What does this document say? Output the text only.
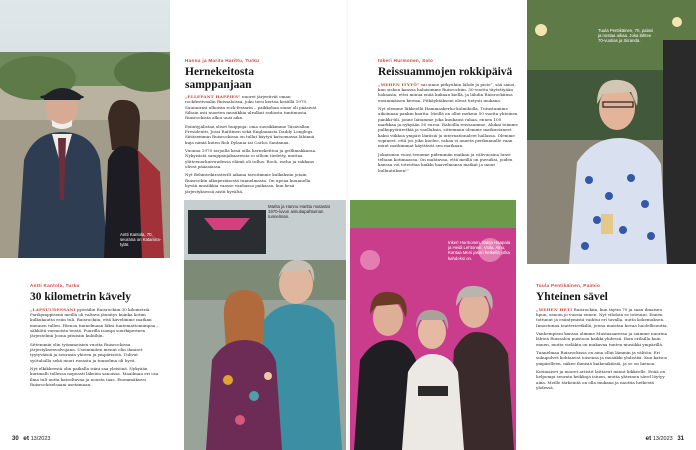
Antti Kantola, 70, seurana on Katariina-tytär.
Antti Kantola, Turku
30 kilometrin kävely

„LAPSUUDESSANI pyöräilin Ruisrockiin 30 kilometriä. Parikymppisenä meillä oli valtava jännitys kuinka kotiin kulkukautta esiin tuli. Ruisrockiin, että kävelimme matkan mennen tullen. Hienoa tunnelmaan läksi tuntemattomimpaa – sähkötä varmoista teistä. Puurilla isompi suurkiperinen järjestelmä Joona pituisiin kuluihin.

Sittemmin olin työmmeisien vuotta Ruisrockissa järjestyksenvalvojana. Useimmiten menut olin ihmiset tyytyväisiä ja seurasin yhteen ja ympäristöä. Tulivat syötuloilla sekä muut ruoasta ja tunnelma oli hyvä.

Nyt elkikkeestä olin paikalla isäni saa yleisönä. Nykyään kurimalli tullessa nopeasti läksien sanoissa. Maailman eri osa ilma tuli uutta katseltavaa ja nousta taas. Enemmäksesi Ruisrockiselsaani asetamaan.

Hannu ja Marita Harittu, Turku
Hernekeitosta samppanjaan

„ELLEPANT HAPPIES” nuoret järjestivät oman rockfestivaalin Ruissaloissa, joku tiesi kertoa kesällä 1970. Suunnirasi ulkoisin rock-festarin – paikkohan sinne oli pääsivät Siltain asti nuorten musiikkia ulrulkut radiosta tuntimusta. Ruisrockista alkoi uusi aika.

Esiintyjälistan oliset huippuja: oma suosikkimme Tasavallan Presidentti, Jussi Raittinen sekä Englannista Daddy Longlegs. Siitäsemmin Ruisrockissa on tullut käytyä katsomassa lähinnä kuja nimiä kuten Bob Dylania tai Carlos Santanaa.

Vuonna 1970 tarjoilla kesä oilla hernekeittoa ja grillimakkaraa. Nykyisistä samppanjabaareista ei silloin tiedetty, muttaa ylitteenorkuivuudessa elämä oli tullus. Rock, ravha ja rakkaus olivat pääasiassa.

Nyt Behmtrikirosterilt aikana tavoitimme kulkaksiin jotain Ruisrockin alkuperäisestä tunnelmasta. On upeaa kuunnella hyvää musiikkia vaasse vanhassa paikassa, kun kesä järjestyksessä aistii hyvältä.

Marita ja Hannu Harittu mutastat 1970-luvun aimutiapahtuman tunnelman.
Inkeri Hurmonen, Salo
Reissuammojen rokkipäivä

„MEHEN ITYTÖ” sai sinne pitkyuhiin lähde ja piste”, sää sanoi, kun siskon kanssa haluisimme Ruisrockiin. 50-vuotta täytettyään hoksasin, ettei minua enää kukaan kiellä, ja lähdin Ruisrockiinsa ensimmäisen kerran. Pitkäyhtäkseni olivat tietysti mukana.

Nyt olemme liikkeellä Hammaskerho-kolmikolla. Tutustuimme aikoinaan pankin kautta. Meillä on ollut mekein 50 vuotta yhteinen pankki-tili, jonne laitamme joka kuukausi rahaa, ennen 100 markkaa ja nykyään 50 euroa. Rahoilla reissaamme. Alukai teimme pulkupyöräretkiä ja vaelluksia, sittemmin olemme matkustaneet kaksi viikkoa ympäri läntisiä ja internationaleet hallassa. Olemme sopineet, että jos joku kuolee, rahaa ei anneta perikunnalle vaan muut matkimmat käyttävät sen matkaan.

Jokaisinen vuosi teemme pidemmän matkan ja välivuosina lunvi teltaan kotimaassa. On mahtavaa, että meillä on puvuiksi, joiden kanssa voi toteuttaa kaikki haavelmansa matkat ja muut hulluutuksen!”

Inkeri Hurmonen, Marja Haapala ja Heidi Lehtonen, Viola, Ainu, Kantaa Meni jasen hetkellä jotka kahdeksi on.
Tuula Pentikäinen, 70, palasi ja nostaa aikaa. Joka lähtee 70-vuotias ja Siiranda.
Tuula Pentikäinen, Paimio
Yhteinen sävel

„MEHEN HETI Ruisrockiin, kun täytin 70 ja saan ilmaisen lipun, sanoin jo vuosia ennen. Nyt vihdoin se toteutui. Ennen tottunut ja esiintymistä vaihtui eri tavalla, uutta kokemuksen. Innostunna teatteriretkillä, joissa muistan kovaa huolellisuutta.

Vanhempieni kanssa olimme Mustasaaressa ja saimme nuorina lähteä Ruissalon puistoon kaikki yhdessä. Ihan erilailla kuin ennen, mutta vieläkin on mukavaa tuntea musiikki ympärillä.

Tunnelmaa Ruisrockissa on aina ollut lämmin ja välitön. Eri sukupolvet kohtaavat toisensa ja musiikki yhdistää. Kun katsoo ympärilleen, näkee ihmisiä kaikenikäisiä, ja se on hienoa.

Kotimaiset ja nuoret artistit laittavat minut liikkeelle. Enää on helpompi seurata keikkoja istuen, mutta yhteinen sävel löytyy aina. Meille tärkeintä on olla mukana ja nauttia hetkestä yhdessä.

30 et 13/2023	et 13/2023 31
